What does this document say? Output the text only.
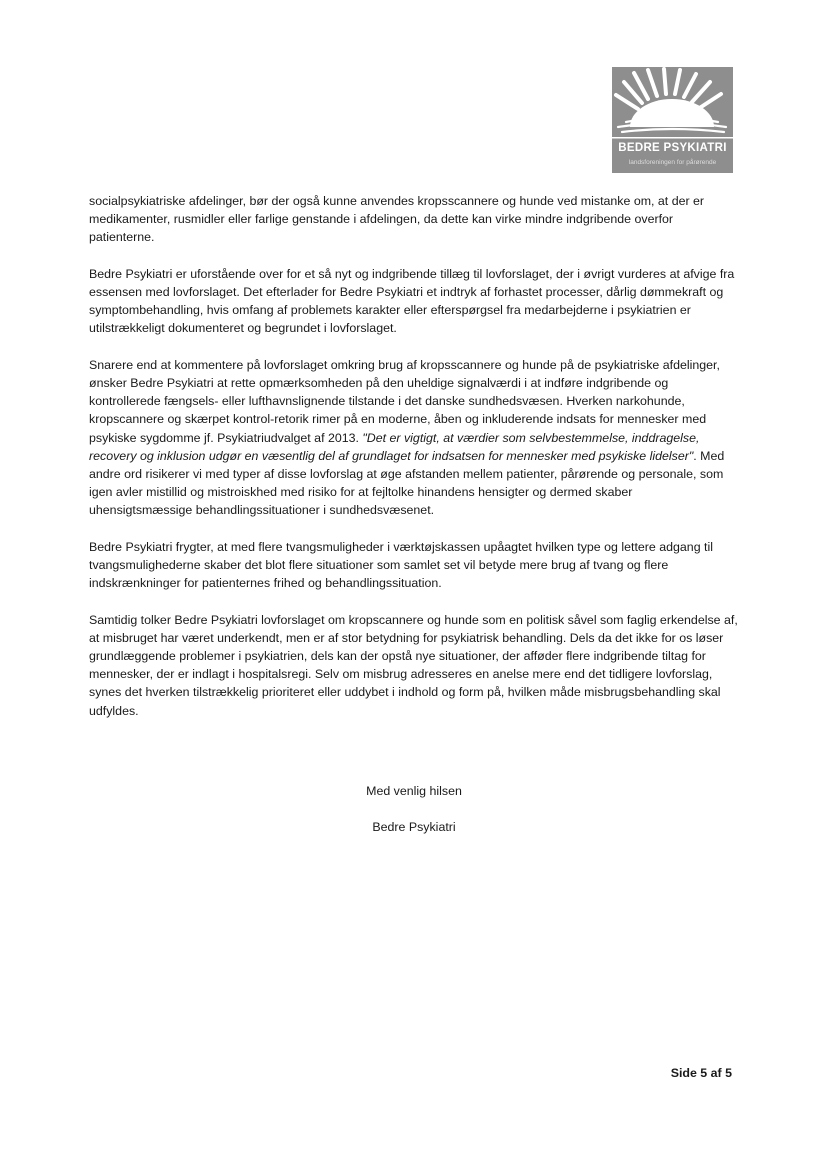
BEDRE PSYKIATRI
landsforeningen for pårørende

socialpsykiatriske afdelinger, bør der også kunne anvendes kropsscannere og hunde ved mistanke om, at der er medikamenter, rusmidler eller farlige genstande i afdelingen, da dette kan virke mindre indgribende overfor patienterne.

Bedre Psykiatri er uforstående over for et så nyt og indgribende tillæg til lovforslaget, der i øvrigt vurderes at afvige fra essensen med lovforslaget. Det efterlader for Bedre Psykiatri et indtryk af forhastet processer, dårlig dømmekraft og symptombehandling, hvis omfang af problemets karakter eller efterspørgsel fra medarbejderne i psykiatrien er utilstrækkeligt dokumenteret og begrundet i lovforslaget.

Snarere end at kommentere på lovforslaget omkring brug af kropsscannere og hunde på de psykiatriske afdelinger, ønsker Bedre Psykiatri at rette opmærksomheden på den uheldige signalværdi i at indføre indgribende og kontrollerede fængsels- eller lufthavnslignende tilstande i det danske sundhedsvæsen. Hverken narkohunde, kropscannere og skærpet kontrol-retorik rimer på en moderne, åben og inkluderende indsats for mennesker med psykiske sygdomme jf. Psykiatriudvalget af 2013. "Det er vigtigt, at værdier som selvbestemmelse, inddragelse, recovery og inklusion udgør en væsentlig del af grundlaget for indsatsen for mennesker med psykiske lidelser". Med andre ord risikerer vi med typer af disse lovforslag at øge afstanden mellem patienter, pårørende og personale, som igen avler mistillid og mistroiskhed med risiko for at fejltolke hinandens hensigter og dermed skaber uhensigtsmæssige behandlingssituationer i sundhedsvæsenet.

Bedre Psykiatri frygter, at med flere tvangsmuligheder i værktøjskassen upåagtet hvilken type og lettere adgang til tvangsmulighederne skaber det blot flere situationer som samlet set vil betyde mere brug af tvang og flere indskrænkninger for patienternes frihed og behandlingssituation.

Samtidig tolker Bedre Psykiatri lovforslaget om kropscannere og hunde som en politisk såvel som faglig erkendelse af, at misbruget har været underkendt, men er af stor betydning for psykiatrisk behandling. Dels da det ikke for os løser grundlæggende problemer i psykiatrien, dels kan der opstå nye situationer, der afføder flere indgribende tiltag for mennesker, der er indlagt i hospitalsregi. Selv om misbrug adresseres en anelse mere end det tidligere lovforslag, synes det hverken tilstrækkelig prioriteret eller uddybet i indhold og form på, hvilken måde misbrugsbehandling skal udfyldes.

Med venlig hilsen
Bedre Psykiatri
Side 5 af 5
